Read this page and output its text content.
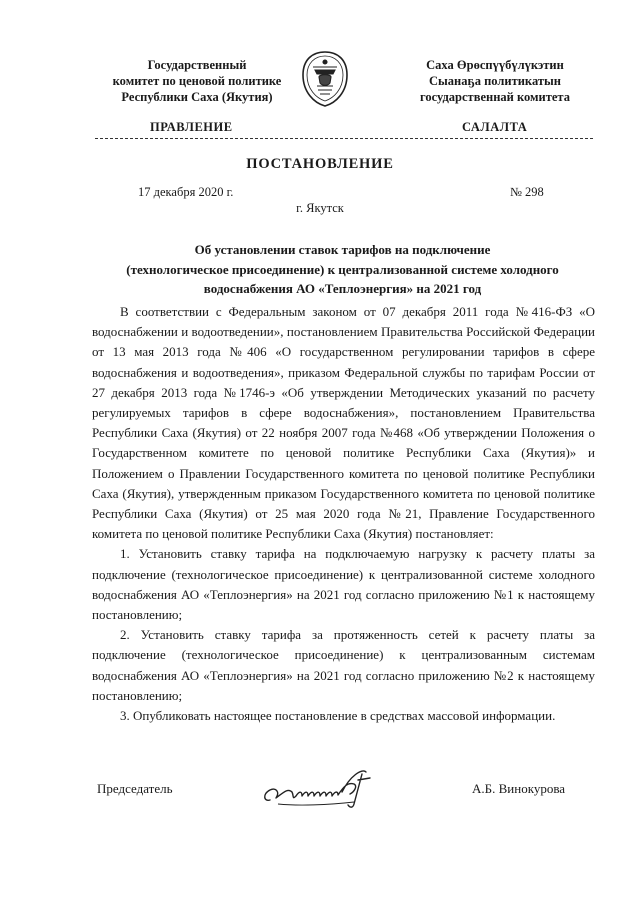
Государственный
комитет по ценовой политике
Республики Саха (Якутия)
Саха Өрөспүүбүлүкэтин
Сыанаҕа политикатын
государственнай комитета
ПРАВЛЕНИЕ	САЛАЛТА
ПОСТАНОВЛЕНИЕ
17 декабря 2020 г.	№ 298
г. Якутск
Об установлении ставок тарифов на подключение
(технологическое присоединение) к централизованной системе холодного
водоснабжения АО «Теплоэнергия» на 2021 год

В соответствии с Федеральным законом от 07 декабря 2011 года №416-ФЗ «О водоснабжении и водоотведении», постановлением Правительства Российской Федерации от 13 мая 2013 года №406 «О государственном регулировании тарифов в сфере водоснабжения и водоотведения», приказом Федеральной службы по тарифам России от 27 декабря 2013 года №1746-э «Об утверждении Методических указаний по расчету регулируемых тарифов в сфере водоснабжения», постановлением Правительства Республики Саха (Якутия) от 22 ноября 2007 года №468 «Об утверждении Положения о Государственном комитете по ценовой политике Республики Саха (Якутия)» и Положением о Правлении Государственного комитета по ценовой политике Республики Саха (Якутия), утвержденным приказом Государственного комитета по ценовой политике Республики Саха (Якутия) от 25 мая 2020 года №21, Правление Государственного комитета по ценовой политике Республики Саха (Якутия) постановляет:

1. Установить ставку тарифа на подключаемую нагрузку к расчету платы за подключение (технологическое присоединение) к централизованной системе холодного водоснабжения АО «Теплоэнергия» на 2021 год согласно приложению №1 к настоящему постановлению;

2. Установить ставку тарифа за протяженность сетей к расчету платы за подключение (технологическое присоединение) к централизованным системам водоснабжения АО «Теплоэнергия» на 2021 год согласно приложению №2 к настоящему постановлению;

3. Опубликовать настоящее постановление в средствах массовой информации.

Председатель	А.Б. Винокурова
